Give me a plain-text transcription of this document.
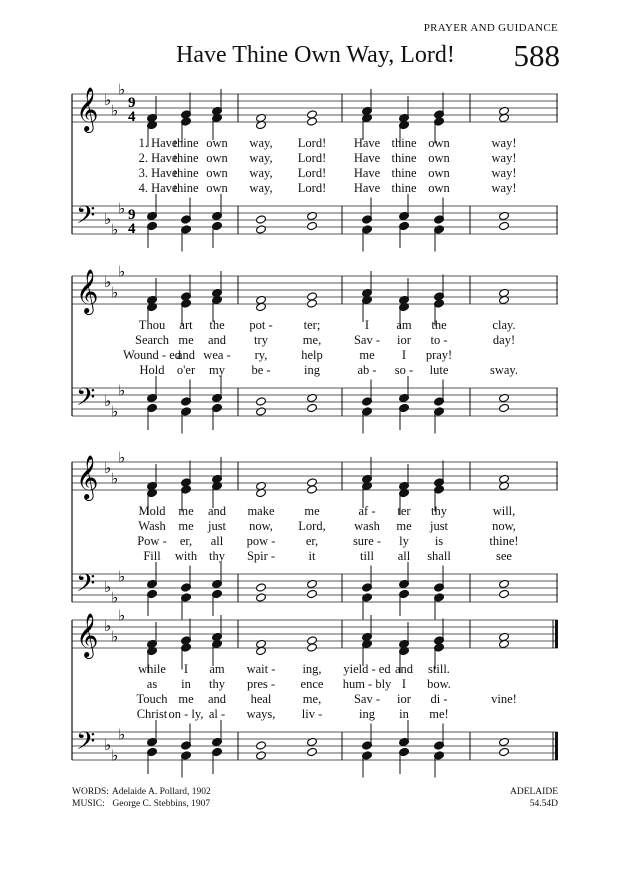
PRAYER AND GUIDANCE
Have Thine Own Way, Lord! 588
𝄞
𝄢
♭
♭
♭
♭
♭
♭
9
4
9
4
1. Have
thine own way, Lord! Have thine own	way!
2. Have
thine own way, Lord! Have thine own	way!
3. Have
thine own way, Lord! Have thine own	way!
4. Have
thine own way, Lord! Have thine own	way!
𝄞
𝄢
♭
♭
♭
♭
♭
♭
Thou art the pot - ter;	I am the	clay.
Search me and try	me,	Sav - ior to -	day!
Wound - ed
and wea - ry,	help	me I pray!
Hold o'er my be -	ing	ab - so - lute	sway.
𝄞
𝄢
♭
♭
♭
♭
♭
♭
Mold me and make me	af - ter thy	will,
Wash me just now, Lord, wash me just	now,
Pow - er, all pow - er,	sure - ly is	thine!
Fill with thy Spir -	it	till all shall	see
𝄞
𝄢
♭
♭
♭
♭
♭
♭
while I am wait - ing, yield - ed and still.
as in thy pres - ence hum - bly I bow.
Touch me and heal	me,	Sav - ior di -	vine!
Christ on - ly, al - ways, liv -	ing in me!
WORDS: Adelaide A. Pollard, 1902
MUSIC: George C. Stebbins, 1907
ADELAIDE
54.54D
